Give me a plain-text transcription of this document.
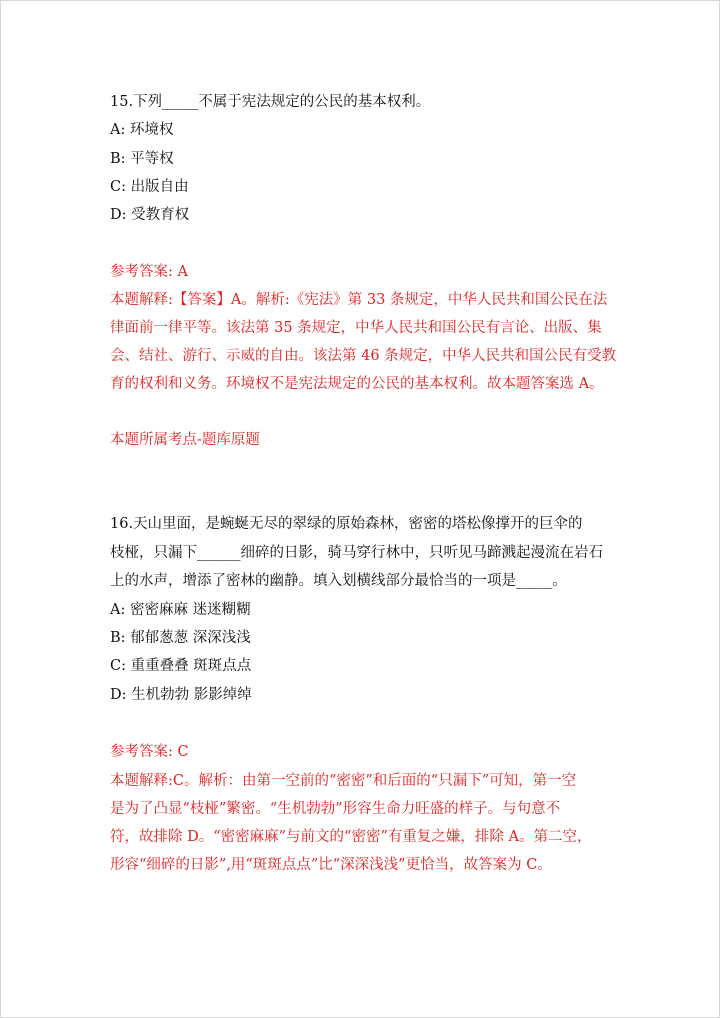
15.下列_____不属于宪法规定的公民的基本权利。
A: 环境权
B: 平等权
C: 出版自由
D: 受教育权
参考答案: A
本题解释:【答案】A。解析:《宪法》第 33 条规定，中华人民共和国公民在法
律面前一律平等。该法第 35 条规定，中华人民共和国公民有言论、出版、集
会、结社、游行、示威的自由。该法第 46 条规定，中华人民共和国公民有受教
育的权利和义务。环境权不是宪法规定的公民的基本权利。故本题答案选 A。
本题所属考点-题库原题
16.天山里面，是蜿蜒无尽的翠绿的原始森林，密密的塔松像撑开的巨伞的
枝桠，只漏下______细碎的日影，骑马穿行林中，只听见马蹄溅起漫流在岩石
上的水声，增添了密林的幽静。填入划横线部分最恰当的一项是_____。
A: 密密麻麻 迷迷糊糊
B: 郁郁葱葱 深深浅浅
C: 重重叠叠 斑斑点点
D: 生机勃勃 影影绰绰
参考答案: C
本题解释:C。解析：由第一空前的“密密”和后面的“只漏下”可知，第一空
是为了凸显“枝桠”繁密。“生机勃勃”形容生命力旺盛的样子。与句意不
符，故排除 D。“密密麻麻”与前文的“密密”有重复之嫌，排除 A。第二空，
形容“细碎的日影”,用“斑斑点点”比“深深浅浅”更恰当，故答案为 C。
